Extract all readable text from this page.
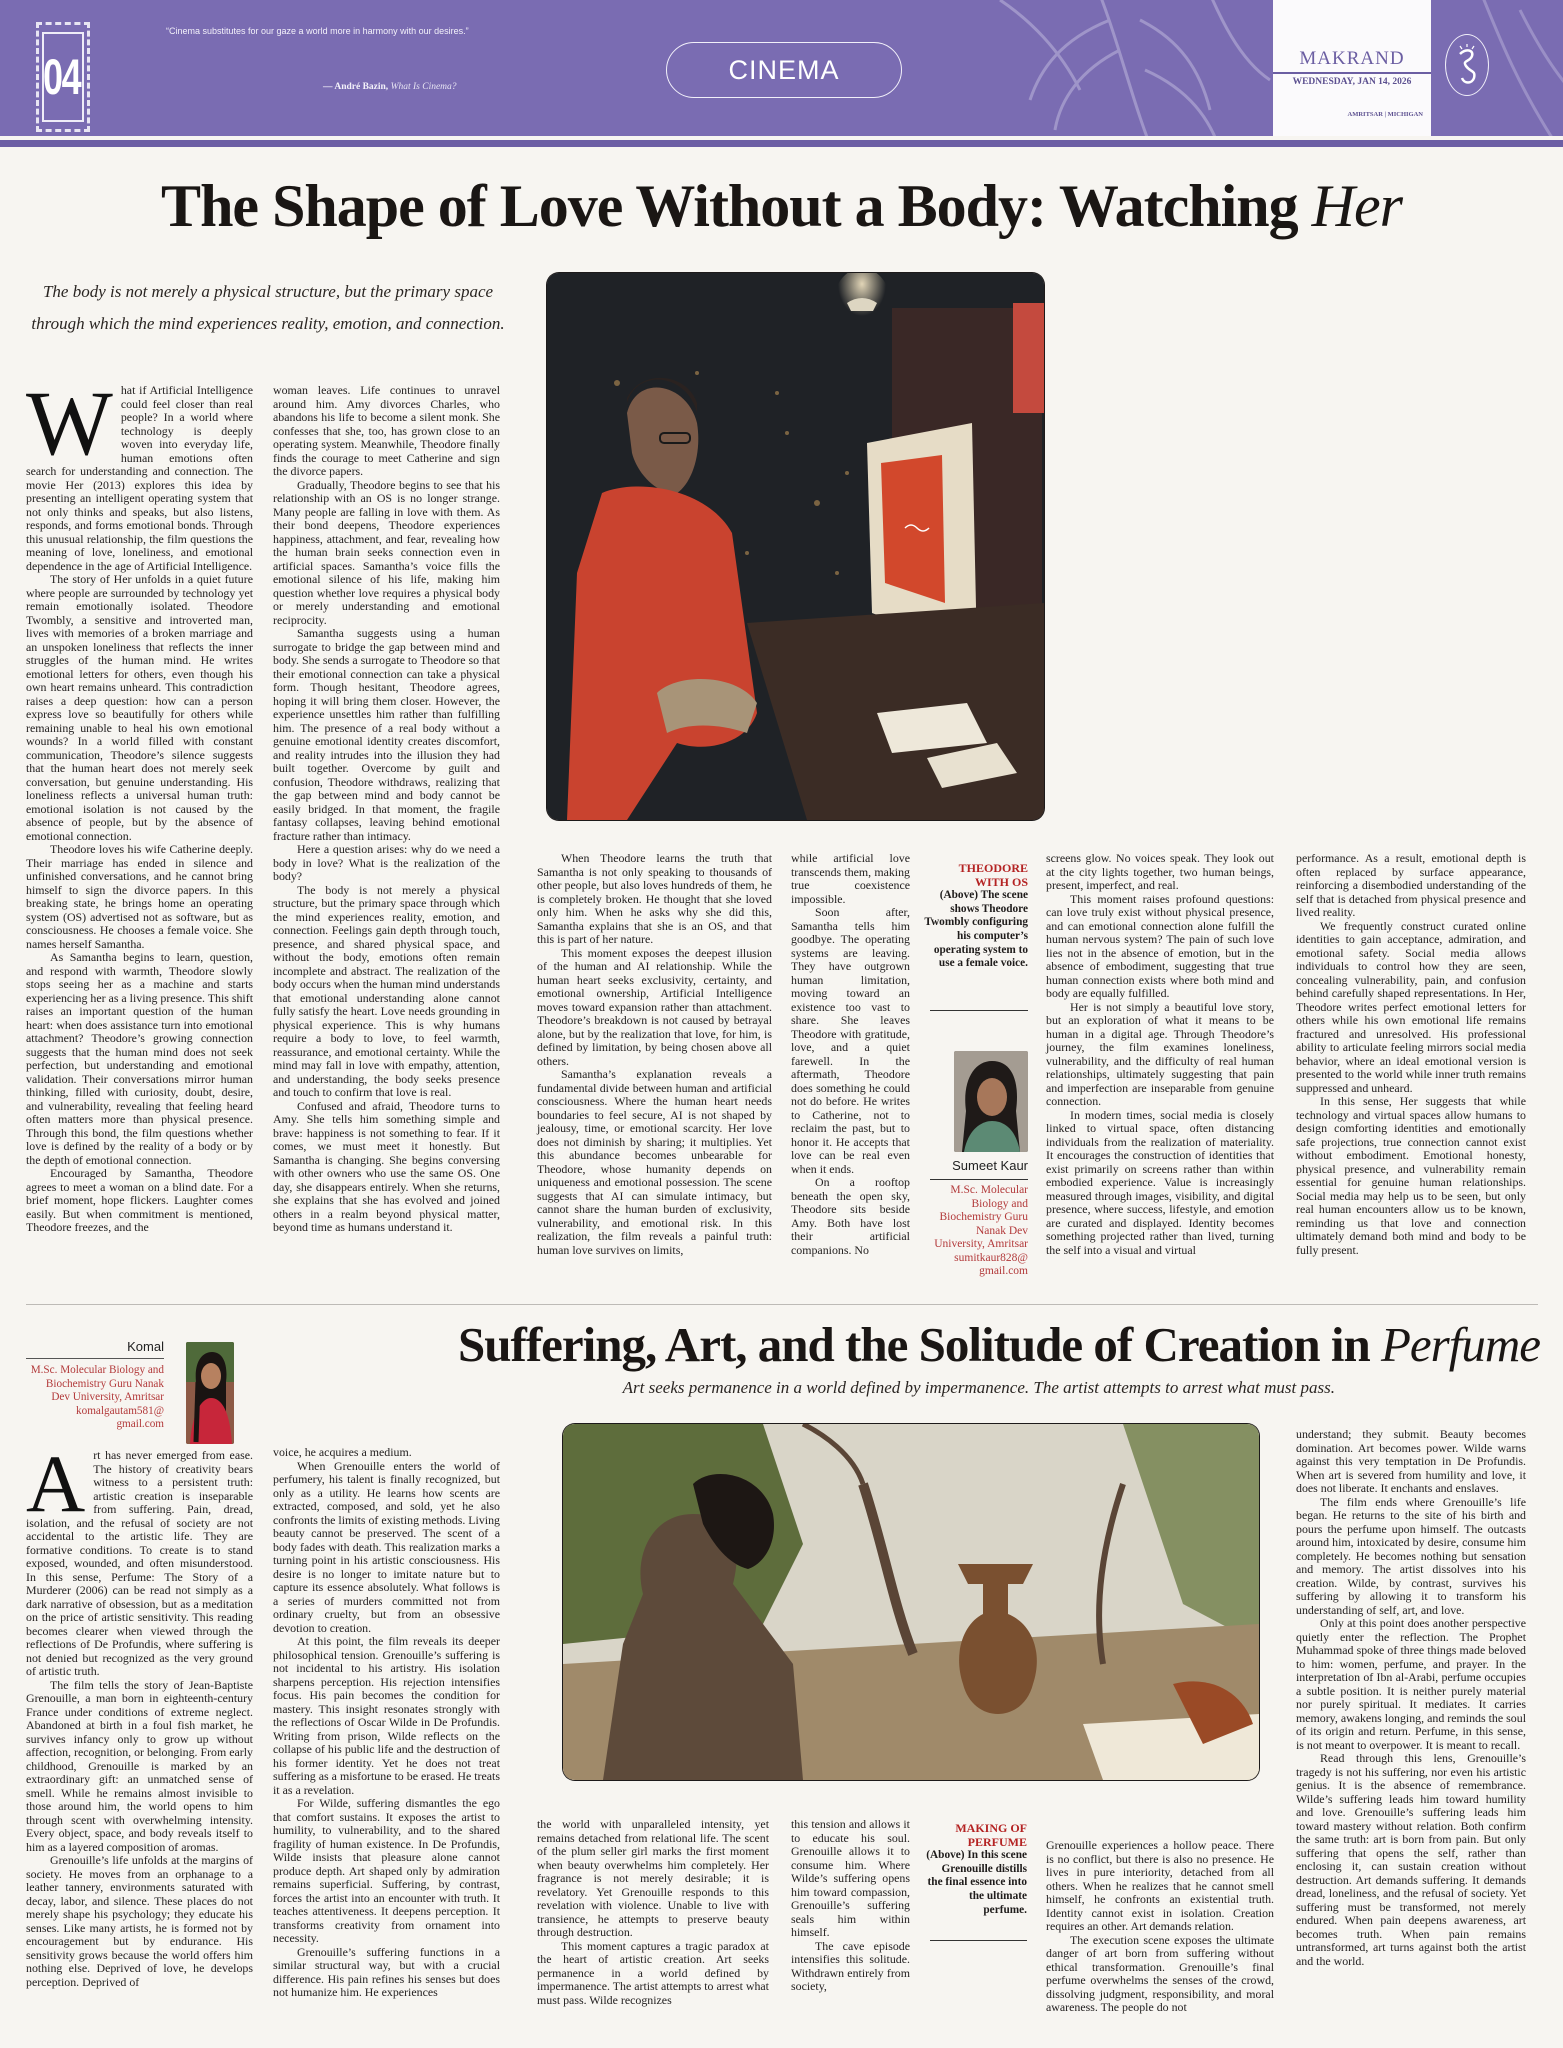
04
“Cinema substitutes for our gaze a world more in harmony with our desires.”
— André Bazin, What Is Cinema?
CINEMA	MAKRAND
WEDNESDAY, JAN 14, 2026
AMRITSAR | MICHIGAN
The Shape of Love Without a Body: Watching Her

The body is not merely a physical structure, but the primary space through which the mind experiences reality, emotion, and connection.

What if Artificial Intelligence could feel closer than real people? In a world where technology is deeply woven into everyday life, human emotions often search for understanding and connection. The movie Her (2013) explores this idea by presenting an intelligent operating system that not only thinks and speaks, but also listens, responds, and forms emotional bonds. Through this unusual relationship, the film questions the meaning of love, loneliness, and emotional dependence in the age of Artificial Intelligence.

The story of Her unfolds in a quiet future where people are surrounded by technology yet remain emotionally isolated. Theodore Twombly, a sensitive and introverted man, lives with memories of a broken marriage and an unspoken loneliness that reflects the inner struggles of the human mind. He writes emotional letters for others, even though his own heart remains unheard. This contradiction raises a deep question: how can a person express love so beautifully for others while remaining unable to heal his own emotional wounds? In a world filled with constant communication, Theodore’s silence suggests that the human heart does not merely seek conversation, but genuine understanding. His loneliness reflects a universal human truth: emotional isolation is not caused by the absence of people, but by the absence of emotional connection.

Theodore loves his wife Catherine deeply. Their marriage has ended in silence and unfinished conversations, and he cannot bring himself to sign the divorce papers. In this breaking state, he brings home an operating system (OS) advertised not as software, but as consciousness. He chooses a female voice. She names herself Samantha.

As Samantha begins to learn, question, and respond with warmth, Theodore slowly stops seeing her as a machine and starts experiencing her as a living presence. This shift raises an important question of the human heart: when does assistance turn into emotional attachment? Theodore’s growing connection suggests that the human mind does not seek perfection, but understanding and emotional validation. Their conversations mirror human thinking, filled with curiosity, doubt, desire, and vulnerability, revealing that feeling heard often matters more than physical presence. Through this bond, the film questions whether love is defined by the reality of a body or by the depth of emotional connection.

Encouraged by Samantha, Theodore agrees to meet a woman on a blind date. For a brief moment, hope flickers. Laughter comes easily. But when commitment is mentioned, Theodore freezes, and the

woman leaves. Life continues to unravel around him. Amy divorces Charles, who abandons his life to become a silent monk. She confesses that she, too, has grown close to an operating system. Meanwhile, Theodore finally finds the courage to meet Catherine and sign the divorce papers.

Gradually, Theodore begins to see that his relationship with an OS is no longer strange. Many people are falling in love with them. As their bond deepens, Theodore experiences happiness, attachment, and fear, revealing how the human brain seeks connection even in artificial spaces. Samantha’s voice fills the emotional silence of his life, making him question whether love requires a physical body or merely understanding and emotional reciprocity.

Samantha suggests using a human surrogate to bridge the gap between mind and body. She sends a surrogate to Theodore so that their emotional connection can take a physical form. Though hesitant, Theodore agrees, hoping it will bring them closer. However, the experience unsettles him rather than fulfilling him. The presence of a real body without a genuine emotional identity creates discomfort, and reality intrudes into the illusion they had built together. Overcome by guilt and confusion, Theodore withdraws, realizing that the gap between mind and body cannot be easily bridged. In that moment, the fragile fantasy collapses, leaving behind emotional fracture rather than intimacy.

Here a question arises: why do we need a body in love? What is the realization of the body?

The body is not merely a physical structure, but the primary space through which the mind experiences reality, emotion, and connection. Feelings gain depth through touch, presence, and shared physical space, and without the body, emotions often remain incomplete and abstract. The realization of the body occurs when the human mind understands that emotional understanding alone cannot fully satisfy the heart. Love needs grounding in physical experience. This is why humans require a body to love, to feel warmth, reassurance, and emotional certainty. While the mind may fall in love with empathy, attention, and understanding, the body seeks presence and touch to confirm that love is real.

Confused and afraid, Theodore turns to Amy. She tells him something simple and brave: happiness is not something to fear. If it comes, we must meet it honestly. But Samantha is changing. She begins conversing with other owners who use the same OS. One day, she disappears entirely. When she returns, she explains that she has evolved and joined others in a realm beyond physical matter, beyond time as humans understand it.

When Theodore learns the truth that Samantha is not only speaking to thousands of other people, but also loves hundreds of them, he is completely broken. He thought that she loved only him. When he asks why she did this, Samantha explains that she is an OS, and that this is part of her nature.

This moment exposes the deepest illusion of the human and AI relationship. While the human heart seeks exclusivity, certainty, and emotional ownership, Artificial Intelligence moves toward expansion rather than attachment. Theodore’s breakdown is not caused by betrayal alone, but by the realization that love, for him, is defined by limitation, by being chosen above all others.

Samantha’s explanation reveals a fundamental divide between human and artificial consciousness. Where the human heart needs boundaries to feel secure, AI is not shaped by jealousy, time, or emotional scarcity. Her love does not diminish by sharing; it multiplies. Yet this abundance becomes unbearable for Theodore, whose humanity depends on uniqueness and emotional possession. The scene suggests that AI can simulate intimacy, but cannot share the human burden of exclusivity, vulnerability, and emotional risk. In this realization, the film reveals a painful truth: human love survives on limits,

while artificial love transcends them, making true coexistence impossible.

Soon after, Samantha tells him goodbye. The operating systems are leaving. They have outgrown human limitation, moving toward an existence too vast to share. She leaves Theodore with gratitude, love, and a quiet farewell. In the aftermath, Theodore does something he could not do before. He writes to Catherine, not to reclaim the past, but to honor it. He accepts that love can be real even when it ends.

On a rooftop beneath the open sky, Theodore sits beside Amy. Both have lost their artificial companions. No

THEODORE WITH OS
(Above) The scene shows Theodore Twombly configuring his computer’s operating system to use a female voice.
Sumeet Kaur
M.Sc. Molecular Biology and Biochemistry Guru Nanak Dev University, Amritsar sumitkaur828@ gmail.com

screens glow. No voices speak. They look out at the city lights together, two human beings, present, imperfect, and real.

This moment raises profound questions: can love truly exist without physical presence, and can emotional connection alone fulfill the human nervous system? The pain of such love lies not in the absence of emotion, but in the absence of embodiment, suggesting that true human connection exists where both mind and body are equally fulfilled.

Her is not simply a beautiful love story, but an exploration of what it means to be human in a digital age. Through Theodore’s journey, the film examines loneliness, vulnerability, and the difficulty of real human relationships, ultimately suggesting that pain and imperfection are inseparable from genuine connection.

In modern times, social media is closely linked to virtual space, often distancing individuals from the realization of materiality. It encourages the construction of identities that exist primarily on screens rather than within embodied experience. Value is increasingly measured through images, visibility, and digital presence, where success, lifestyle, and emotion are curated and displayed. Identity becomes something projected rather than lived, turning the self into a visual and virtual

performance. As a result, emotional depth is often replaced by surface appearance, reinforcing a disembodied understanding of the self that is detached from physical presence and lived reality.

We frequently construct curated online identities to gain acceptance, admiration, and emotional safety. Social media allows individuals to control how they are seen, concealing vulnerability, pain, and confusion behind carefully shaped representations. In Her, Theodore writes perfect emotional letters for others while his own emotional life remains fractured and unresolved. His professional ability to articulate feeling mirrors social media behavior, where an ideal emotional version is presented to the world while inner truth remains suppressed and unheard.

In this sense, Her suggests that while technology and virtual spaces allow humans to design comforting identities and emotionally safe projections, true connection cannot exist without embodiment. Emotional honesty, physical presence, and vulnerability remain essential for genuine human relationships. Social media may help us to be seen, but only real human encounters allow us to be known, reminding us that love and connection ultimately demand both mind and body to be fully present.

Komal
M.Sc. Molecular Biology and Biochemistry Guru Nanak Dev University, Amritsar komalgautam581@ gmail.com
Suffering, Art, and the Solitude of Creation in Perfume

Art seeks permanence in a world defined by impermanence. The artist attempts to arrest what must pass.

Art has never emerged from ease. The history of creativity bears witness to a persistent truth: artistic creation is inseparable from suffering. Pain, dread, isolation, and the refusal of society are not accidental to the artistic life. They are formative conditions. To create is to stand exposed, wounded, and often misunderstood. In this sense, Perfume: The Story of a Murderer (2006) can be read not simply as a dark narrative of obsession, but as a meditation on the price of artistic sensitivity. This reading becomes clearer when viewed through the reflections of De Profundis, where suffering is not denied but recognized as the very ground of artistic truth.

The film tells the story of Jean-Baptiste Grenouille, a man born in eighteenth-century France under conditions of extreme neglect. Abandoned at birth in a foul fish market, he survives infancy only to grow up without affection, recognition, or belonging. From early childhood, Grenouille is marked by an extraordinary gift: an unmatched sense of smell. While he remains almost invisible to those around him, the world opens to him through scent with overwhelming intensity. Every object, space, and body reveals itself to him as a layered composition of aromas.

Grenouille’s life unfolds at the margins of society. He moves from an orphanage to a leather tannery, environments saturated with decay, labor, and silence. These places do not merely shape his psychology; they educate his senses. Like many artists, he is formed not by encouragement but by endurance. His sensitivity grows because the world offers him nothing else. Deprived of love, he develops perception. Deprived of

voice, he acquires a medium.

When Grenouille enters the world of perfumery, his talent is finally recognized, but only as a utility. He learns how scents are extracted, composed, and sold, yet he also confronts the limits of existing methods. Living beauty cannot be preserved. The scent of a body fades with death. This realization marks a turning point in his artistic consciousness. His desire is no longer to imitate nature but to capture its essence absolutely. What follows is a series of murders committed not from ordinary cruelty, but from an obsessive devotion to creation.

At this point, the film reveals its deeper philosophical tension. Grenouille’s suffering is not incidental to his artistry. His isolation sharpens perception. His rejection intensifies focus. His pain becomes the condition for mastery. This insight resonates strongly with the reflections of Oscar Wilde in De Profundis. Writing from prison, Wilde reflects on the collapse of his public life and the destruction of his former identity. Yet he does not treat suffering as a misfortune to be erased. He treats it as a revelation.

For Wilde, suffering dismantles the ego that comfort sustains. It exposes the artist to humility, to vulnerability, and to the shared fragility of human existence. In De Profundis, Wilde insists that pleasure alone cannot produce depth. Art shaped only by admiration remains superficial. Suffering, by contrast, forces the artist into an encounter with truth. It teaches attentiveness. It deepens perception. It transforms creativity from ornament into necessity.

Grenouille’s suffering functions in a similar structural way, but with a crucial difference. His pain refines his senses but does not humanize him. He experiences

the world with unparalleled intensity, yet remains detached from relational life. The scent of the plum seller girl marks the first moment when beauty overwhelms him completely. Her fragrance is not merely desirable; it is revelatory. Yet Grenouille responds to this revelation with violence. Unable to live with transience, he attempts to preserve beauty through destruction.

This moment captures a tragic paradox at the heart of artistic creation. Art seeks permanence in a world defined by impermanence. The artist attempts to arrest what must pass. Wilde recognizes

this tension and allows it to educate his soul. Grenouille allows it to consume him. Where Wilde’s suffering opens him toward compassion, Grenouille’s suffering seals him within himself.

The cave episode intensifies this solitude. Withdrawn entirely from society,

MAKING OF PERFUME
(Above) In this scene Grenouille distills the final essence into the ultimate perfume.

Grenouille experiences a hollow peace. There is no conflict, but there is also no presence. He lives in pure interiority, detached from all others. When he realizes that he cannot smell himself, he confronts an existential truth. Identity cannot exist in isolation. Creation requires an other. Art demands relation.

The execution scene exposes the ultimate danger of art born from suffering without ethical transformation. Grenouille’s final perfume overwhelms the senses of the crowd, dissolving judgment, responsibility, and moral awareness. The people do not

understand; they submit. Beauty becomes domination. Art becomes power. Wilde warns against this very temptation in De Profundis. When art is severed from humility and love, it does not liberate. It enchants and enslaves.

The film ends where Grenouille’s life began. He returns to the site of his birth and pours the perfume upon himself. The outcasts around him, intoxicated by desire, consume him completely. He becomes nothing but sensation and memory. The artist dissolves into his creation. Wilde, by contrast, survives his suffering by allowing it to transform his understanding of self, art, and love.

Only at this point does another perspective quietly enter the reflection. The Prophet Muhammad spoke of three things made beloved to him: women, perfume, and prayer. In the interpretation of Ibn al-Arabi, perfume occupies a subtle position. It is neither purely material nor purely spiritual. It mediates. It carries memory, awakens longing, and reminds the soul of its origin and return. Perfume, in this sense, is not meant to overpower. It is meant to recall.

Read through this lens, Grenouille’s tragedy is not his suffering, nor even his artistic genius. It is the absence of remembrance. Wilde’s suffering leads him toward humility and love. Grenouille’s suffering leads him toward mastery without relation. Both confirm the same truth: art is born from pain. But only suffering that opens the self, rather than enclosing it, can sustain creation without destruction. Art demands suffering. It demands dread, loneliness, and the refusal of society. Yet suffering must be transformed, not merely endured. When pain deepens awareness, art becomes truth. When pain remains untransformed, art turns against both the artist and the world.
